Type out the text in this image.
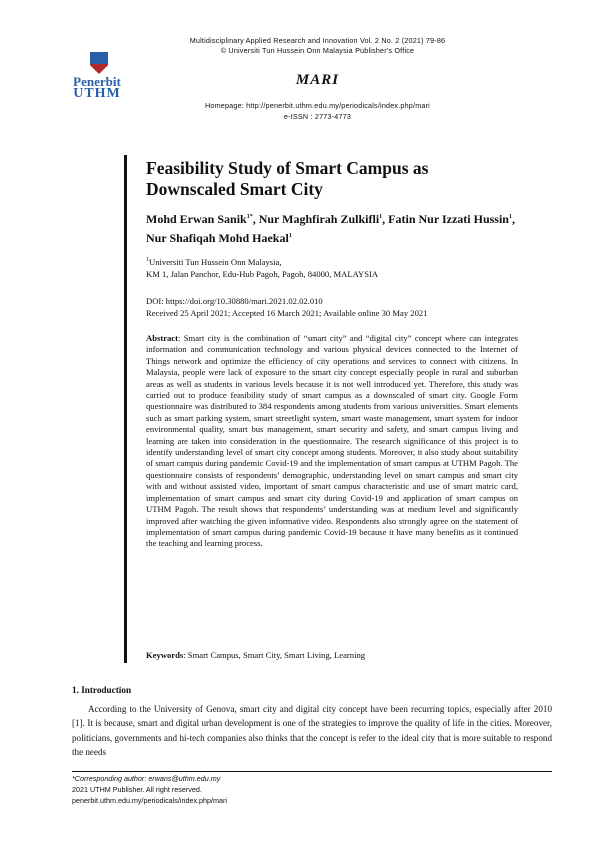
Penerbit
UTHM
Multidisciplinary Applied Research and Innovation Vol. 2 No. 2 (2021) 79-86
© Universiti Tun Hussein Onn Malaysia Publisher's Office
MARI
Homepage: http://penerbit.uthm.edu.my/periodicals/index.php/mari
e-ISSN : 2773-4773
Feasibility Study of Smart Campus as
Downscaled Smart City
Mohd Erwan Sanik$^{1*}$, Nur Maghfirah Zulkifli$^1$, Fatin Nur Izzati Hussin$^1$, Nur Shafiqah Mohd Haekal$^1$
$^1$Universiti Tun Hussein Onn Malaysia,
KM 1, Jalan Panchor, Edu-Hub Pagoh, Pagoh, 84000, MALAYSIA
DOI: https://doi.org/10.30880/mari.2021.02.02.010
Received 25 April 2021; Accepted 16 March 2021; Available online 30 May 2021
Abstract: Smart city is the combination of “smart city” and “digital city” concept where can integrates information and communication technology and various physical devices connected to the Internet of Things network and optimize the efficiency of city operations and services to connect with citizens. In Malaysia, people were lack of exposure to the smart city concept especially people in rural and suburban areas as well as students in various levels because it is not well introduced yet. Therefore, this study was carried out to produce feasibility study of smart campus as a downscaled of smart city. Google Form questionnaire was distributed to 384 respondents among students from various universities. Smart elements such as smart parking system, smart streetlight system, smart waste management, smart system for indoor environmental quality, smart bus management, smart security and safety, and smart campus living and learning are taken into consideration in the questionnaire. The research significance of this project is to identify understanding level of smart city concept among students. Moreover, it also study about suitability of smart campus during pandemic Covid-19 and the implementation of smart campus at UTHM Pagoh. The questionnaire consists of respondents’ demographic, understanding level on smart campus and smart city with and without assisted video, important of smart campus characteristic and use of smart matric card, implementation of smart campus and smart city during Covid-19 and application of smart campus on UTHM Pagoh. The result shows that respondents’ understanding was at medium level and significantly improved after watching the given informative video. Respondents also strongly agree on the statement of implementation of smart campus during pandemic Covid-19 because it have many benefits as it continued the teaching and learning process.
Keywords: Smart Campus, Smart City, Smart Living, Learning
1. Introduction
According to the University of Genova, smart city and digital city concept have been recurring topics, especially after 2010 [1]. It is because, smart and digital urban development is one of the strategies to improve the quality of life in the cities. Moreover, politicians, governments and hi-tech companies also thinks that the concept is refer to the ideal city that is more suitable to respond the needs
*Corresponding author: erwans@uthm.edu.my
2021 UTHM Publisher. All right reserved.
penerbit.uthm.edu.my/periodicals/index.php/mari
